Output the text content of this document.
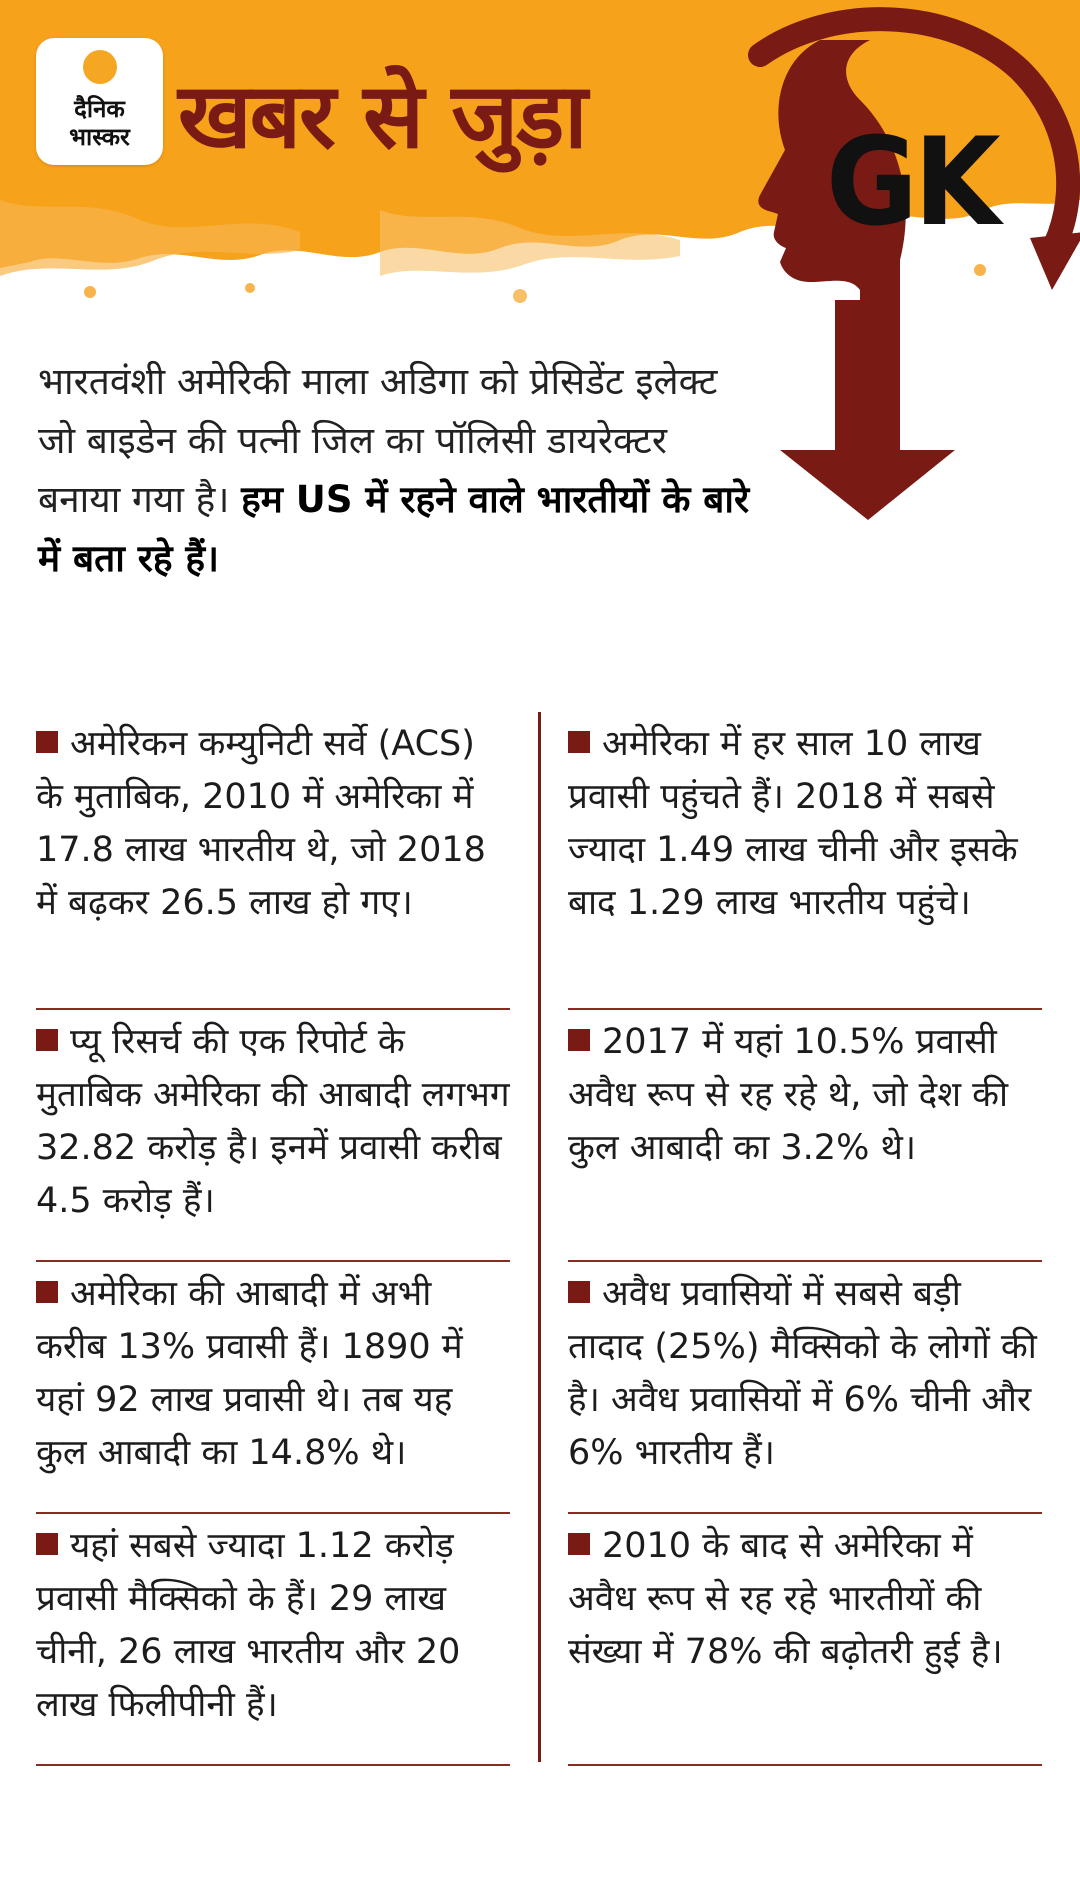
दैनिक
भास्कर खबर से जुड़ा GK
भारतवंशी अमेरिकी माला अडिगा को प्रेसिडेंट इलेक्ट जो बाइडेन की पत्नी जिल का पॉलिसी डायरेक्टर बनाया गया है। हम US में रहने वाले भारतीयों के बारे में बता रहे हैं।
अमेरिकन कम्युनिटी सर्वे (ACS) के मुताबिक, 2010 में अमेरिका में 17.8 लाख भारतीय थे, जो 2018 में बढ़कर 26.5 लाख हो गए।
प्यू रिसर्च की एक रिपोर्ट के मुताबिक अमेरिका की आबादी लगभग 32.82 करोड़ है। इनमें प्रवासी करीब 4.5 करोड़ हैं।
अमेरिका की आबादी में अभी करीब 13% प्रवासी हैं। 1890 में यहां 92 लाख प्रवासी थे। तब यह कुल आबादी का 14.8% थे।
यहां सबसे ज्यादा 1.12 करोड़ प्रवासी मैक्सिको के हैं। 29 लाख चीनी, 26 लाख भारतीय और 20 लाख फिलीपीनी हैं।
अमेरिका में हर साल 10 लाख प्रवासी पहुंचते हैं। 2018 में सबसे ज्यादा 1.49 लाख चीनी और इसके बाद 1.29 लाख भारतीय पहुंचे।
2017 में यहां 10.5% प्रवासी अवैध रूप से रह रहे थे, जो देश की कुल आबादी का 3.2% थे।
अवैध प्रवासियों में सबसे बड़ी तादाद (25%) मैक्सिको के लोगों की है। अवैध प्रवासियों में 6% चीनी और 6% भारतीय हैं।
2010 के बाद से अमेरिका में अवैध रूप से रह रहे भारतीयों की संख्या में 78% की बढ़ोतरी हुई है।
